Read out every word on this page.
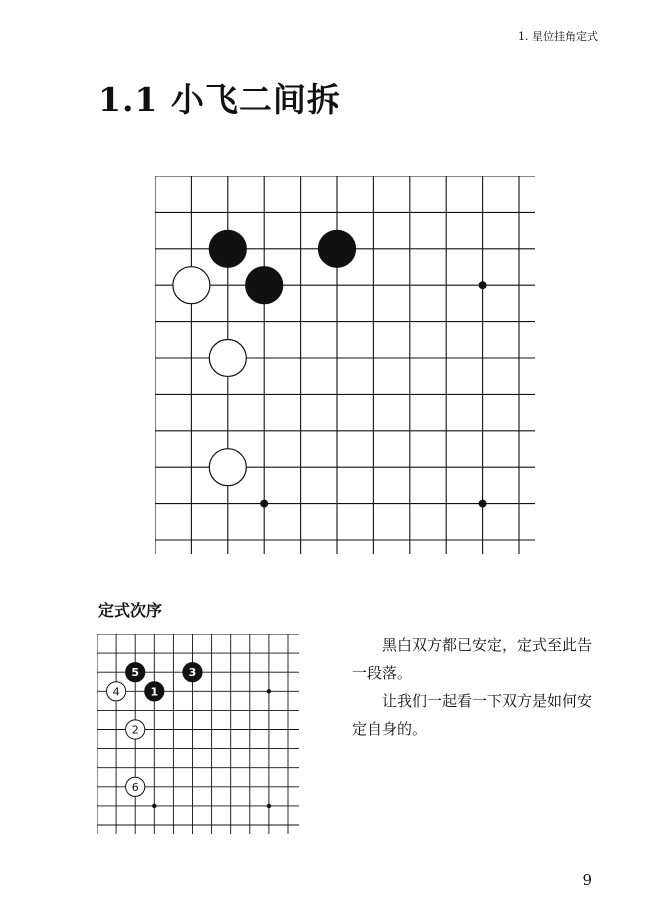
1. 星位挂角定式
1.1 小飞二间拆
定式次序
1
2
3
4
5
6

黑白双方都已安定，定式至此告一段落。

让我们一起看一下双方是如何安定自身的。

9
